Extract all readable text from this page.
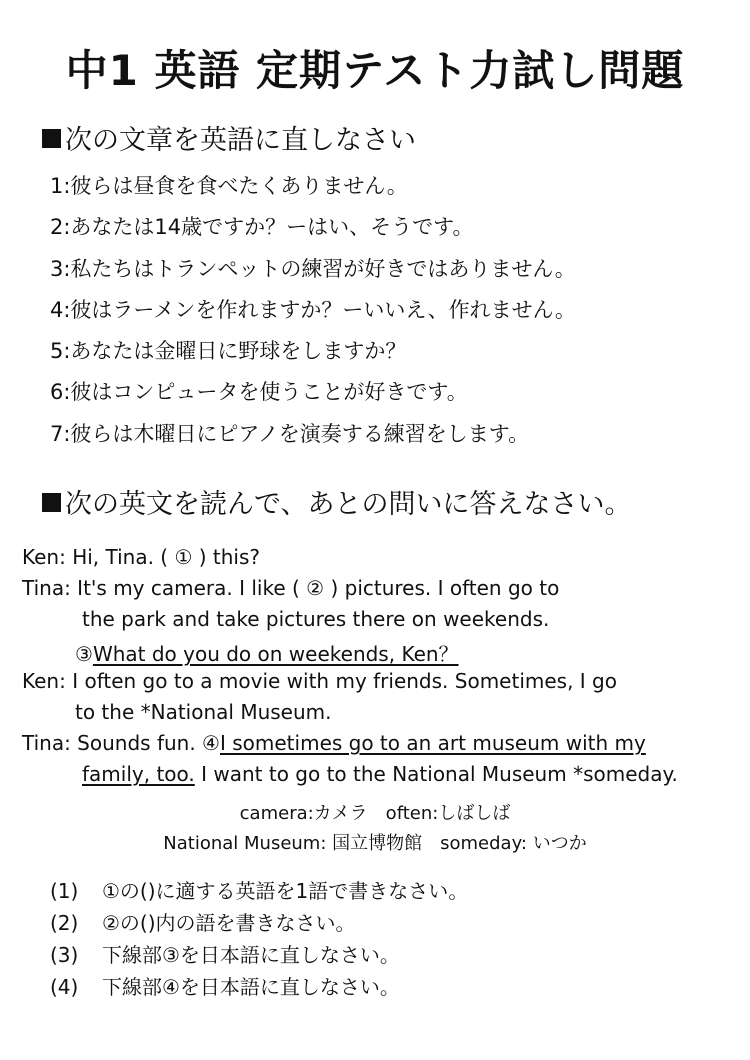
中1 英語 定期テスト力試し問題
次の文章を英語に直しなさい
1:彼らは昼食を食べたくありません。
2:あなたは14歳ですか？ーはい、そうです。
3:私たちはトランペットの練習が好きではありません。
4:彼はラーメンを作れますか？ーいいえ、作れません。
5:あなたは金曜日に野球をしますか？
6:彼はコンピュータを使うことが好きです。
7:彼らは木曜日にピアノを演奏する練習をします。
次の英文を読んで、あとの問いに答えなさい。
Ken: Hi, Tina. ( ① ) this?
Tina: It's my camera. I like ( ② ) pictures. I often go to
the park and take pictures there on weekends.
③What do you do on weekends, Ken？
Ken: I often go to a movie with my friends. Sometimes, I go
to the *National Museum.
Tina: Sounds fun. ④I sometimes go to an art museum with my
family, too. I want to go to the National Museum *someday.
camera:カメラ　often:しばしば
National Museum: 国立博物館　someday: いつか
(1) ①の()に適する英語を1語で書きなさい。
(2) ②の()内の語を書きなさい。
(3) 下線部③を日本語に直しなさい。
(4) 下線部④を日本語に直しなさい。
